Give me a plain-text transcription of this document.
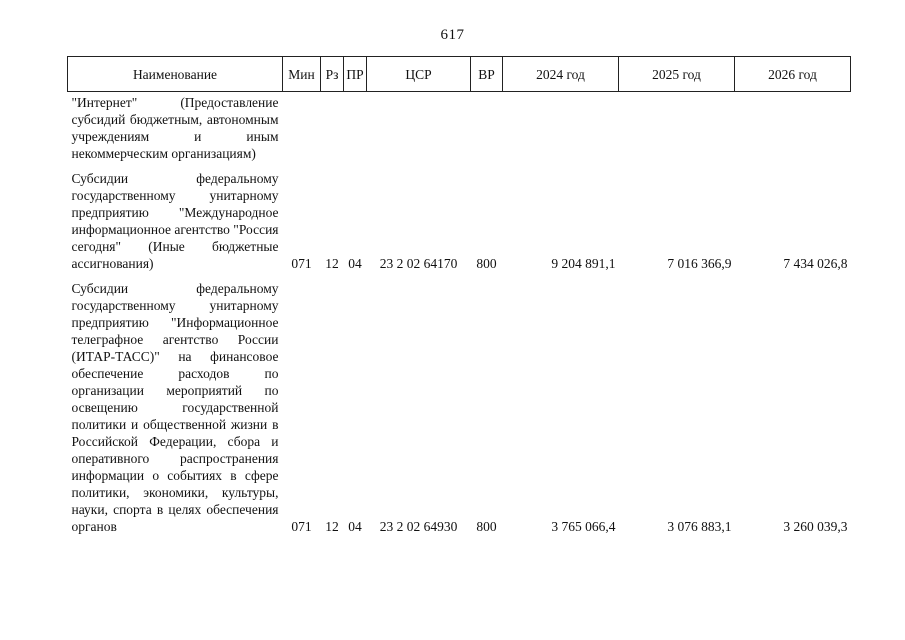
617
Наименование	Мин	Рз	ПР	ЦСР	ВР	2024 год	2025 год	2026 год

"Интернет" (Предоставление субсидий бюджетным, автономным учреждениям и иным некоммерческим организациям)								

Субсидии федеральному государственному унитарному предприятию "Международное информационное агентство "Россия сегодня" (Иные бюджетные ассигнования)	071	12	04	23 2 02 64170	800	9 204 891,1	7 016 366,9	7 434 026,8

Субсидии федеральному государственному унитарному предприятию "Информационное телеграфное агентство России (ИТАР-ТАСС)" на финансовое обеспечение расходов по организации мероприятий по освещению государственной политики и общественной жизни в Российской Федерации, сбора и оперативного распространения информации о событиях в сфере политики, экономики, культуры, науки, спорта в целях обеспечения органов	071	12	04	23 2 02 64930	800	3 765 066,4	3 076 883,1	3 260 039,3
